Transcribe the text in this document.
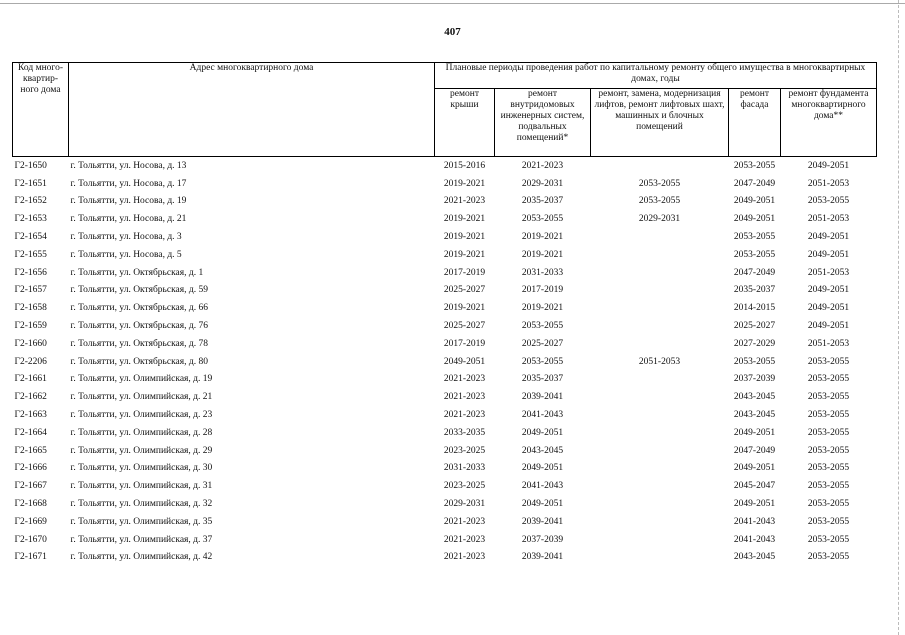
407
Код много-квартир-ного дома	Адрес многоквартирного дома	Плановые периоды проведения работ по капитальному ремонту общего имущества в многоквартирных домах, годы				
		ремонт крыши	ремонт внутридомовых инженерных систем, подвальных помещений*	ремонт, замена, модернизация лифтов, ремонт лифтовых шахт, машинных и блочных помещений	ремонт фасада	ремонт фундамента многоквартирного дома**
Г2-1650	г. Тольятти, ул. Носова, д. 13	2015-2016	2021-2023		2053-2055	2049-2051
Г2-1651	г. Тольятти, ул. Носова, д. 17	2019-2021	2029-2031	2053-2055	2047-2049	2051-2053
Г2-1652	г. Тольятти, ул. Носова, д. 19	2021-2023	2035-2037	2053-2055	2049-2051	2053-2055
Г2-1653	г. Тольятти, ул. Носова, д. 21	2019-2021	2053-2055	2029-2031	2049-2051	2051-2053
Г2-1654	г. Тольятти, ул. Носова, д. 3	2019-2021	2019-2021		2053-2055	2049-2051
Г2-1655	г. Тольятти, ул. Носова, д. 5	2019-2021	2019-2021		2053-2055	2049-2051
Г2-1656	г. Тольятти, ул. Октябрьская, д. 1	2017-2019	2031-2033		2047-2049	2051-2053
Г2-1657	г. Тольятти, ул. Октябрьская, д. 59	2025-2027	2017-2019		2035-2037	2049-2051
Г2-1658	г. Тольятти, ул. Октябрьская, д. 66	2019-2021	2019-2021		2014-2015	2049-2051
Г2-1659	г. Тольятти, ул. Октябрьская, д. 76	2025-2027	2053-2055		2025-2027	2049-2051
Г2-1660	г. Тольятти, ул. Октябрьская, д. 78	2017-2019	2025-2027		2027-2029	2051-2053
Г2-2206	г. Тольятти, ул. Октябрьская, д. 80	2049-2051	2053-2055	2051-2053	2053-2055	2053-2055
Г2-1661	г. Тольятти, ул. Олимпийская, д. 19	2021-2023	2035-2037		2037-2039	2053-2055
Г2-1662	г. Тольятти, ул. Олимпийская, д. 21	2021-2023	2039-2041		2043-2045	2053-2055
Г2-1663	г. Тольятти, ул. Олимпийская, д. 23	2021-2023	2041-2043		2043-2045	2053-2055
Г2-1664	г. Тольятти, ул. Олимпийская, д. 28	2033-2035	2049-2051		2049-2051	2053-2055
Г2-1665	г. Тольятти, ул. Олимпийская, д. 29	2023-2025	2043-2045		2047-2049	2053-2055
Г2-1666	г. Тольятти, ул. Олимпийская, д. 30	2031-2033	2049-2051		2049-2051	2053-2055
Г2-1667	г. Тольятти, ул. Олимпийская, д. 31	2023-2025	2041-2043		2045-2047	2053-2055
Г2-1668	г. Тольятти, ул. Олимпийская, д. 32	2029-2031	2049-2051		2049-2051	2053-2055
Г2-1669	г. Тольятти, ул. Олимпийская, д. 35	2021-2023	2039-2041		2041-2043	2053-2055
Г2-1670	г. Тольятти, ул. Олимпийская, д. 37	2021-2023	2037-2039		2041-2043	2053-2055
Г2-1671	г. Тольятти, ул. Олимпийская, д. 42	2021-2023	2039-2041		2043-2045	2053-2055
